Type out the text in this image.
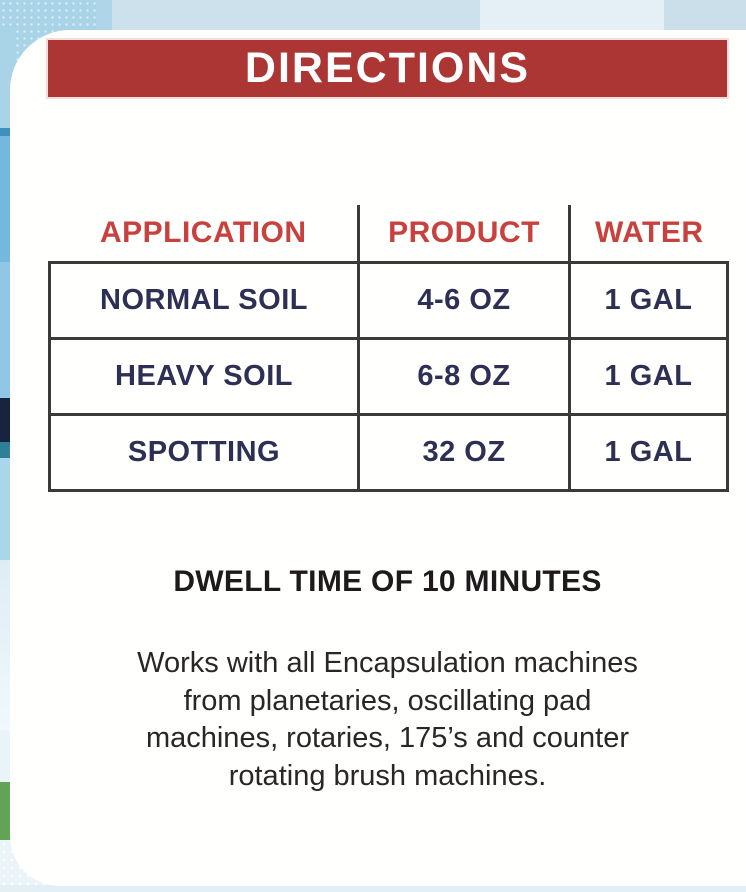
DIRECTIONS
APPLICATION	PRODUCT	WATER
NORMAL SOIL	4-6 OZ	1 GAL
HEAVY SOIL	6-8 OZ	1 GAL
SPOTTING	32 OZ	1 GAL
DWELL TIME OF 10 MINUTES
Works with all Encapsulation machines
from planetaries, oscillating pad
machines, rotaries, 175’s and counter
rotating brush machines.
